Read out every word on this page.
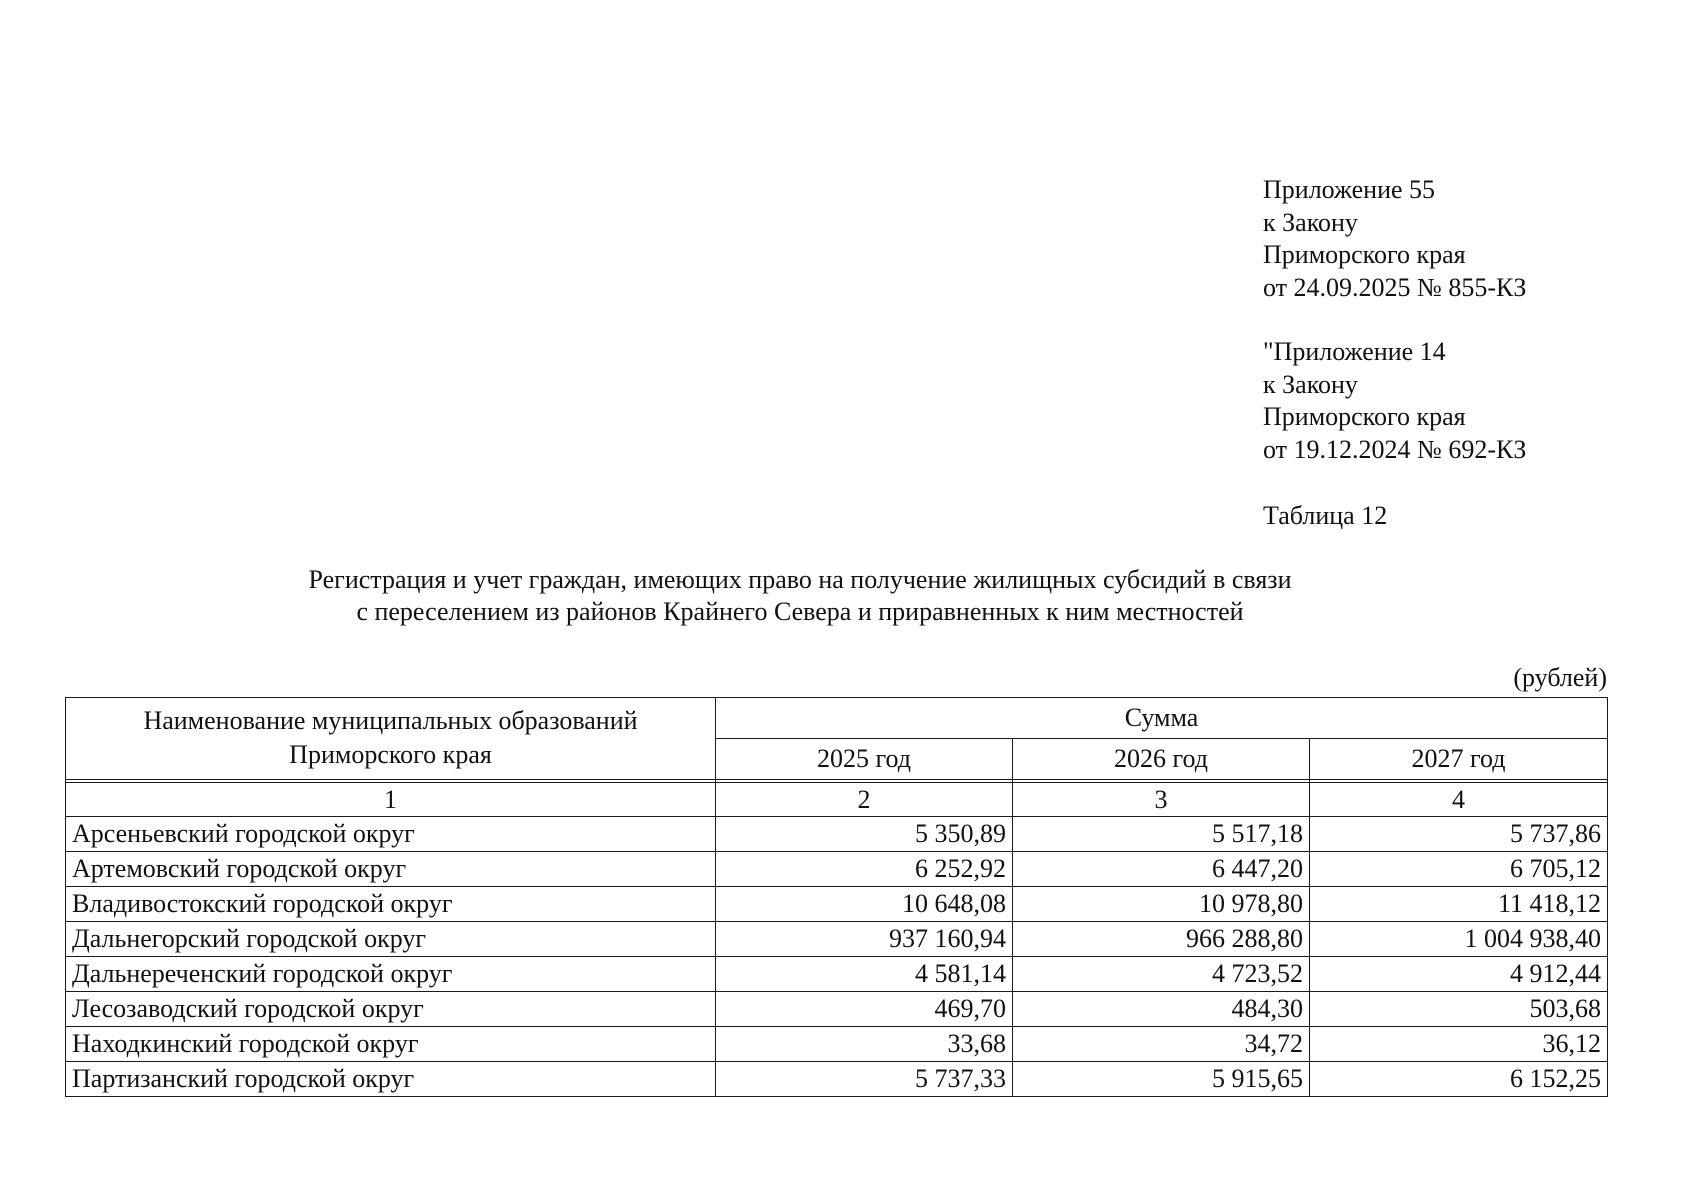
Приложение 55
к Закону
Приморского края
от 24.09.2025 № 855-КЗ
"Приложение 14
к Закону
Приморского края
от 19.12.2024 № 692-КЗ
Таблица 12
Регистрация и учет граждан, имеющих право на получение жилищных субсидий в связи
с переселением из районов Крайнего Севера и приравненных к ним местностей
(рублей)
Наименование муниципальных образований
Приморского края	Сумма		
	2025 год	2026 год	2027 год

1	2	3	4
Арсеньевский городской округ	5 350,89	5 517,18	5 737,86
Артемовский городской округ	6 252,92	6 447,20	6 705,12
Владивостокский городской округ	10 648,08	10 978,80	11 418,12
Дальнегорский городской округ	937 160,94	966 288,80	1 004 938,40
Дальнереченский городской округ	4 581,14	4 723,52	4 912,44
Лесозаводский городской округ	469,70	484,30	503,68
Находкинский городской округ	33,68	34,72	36,12
Партизанский городской округ	5 737,33	5 915,65	6 152,25
